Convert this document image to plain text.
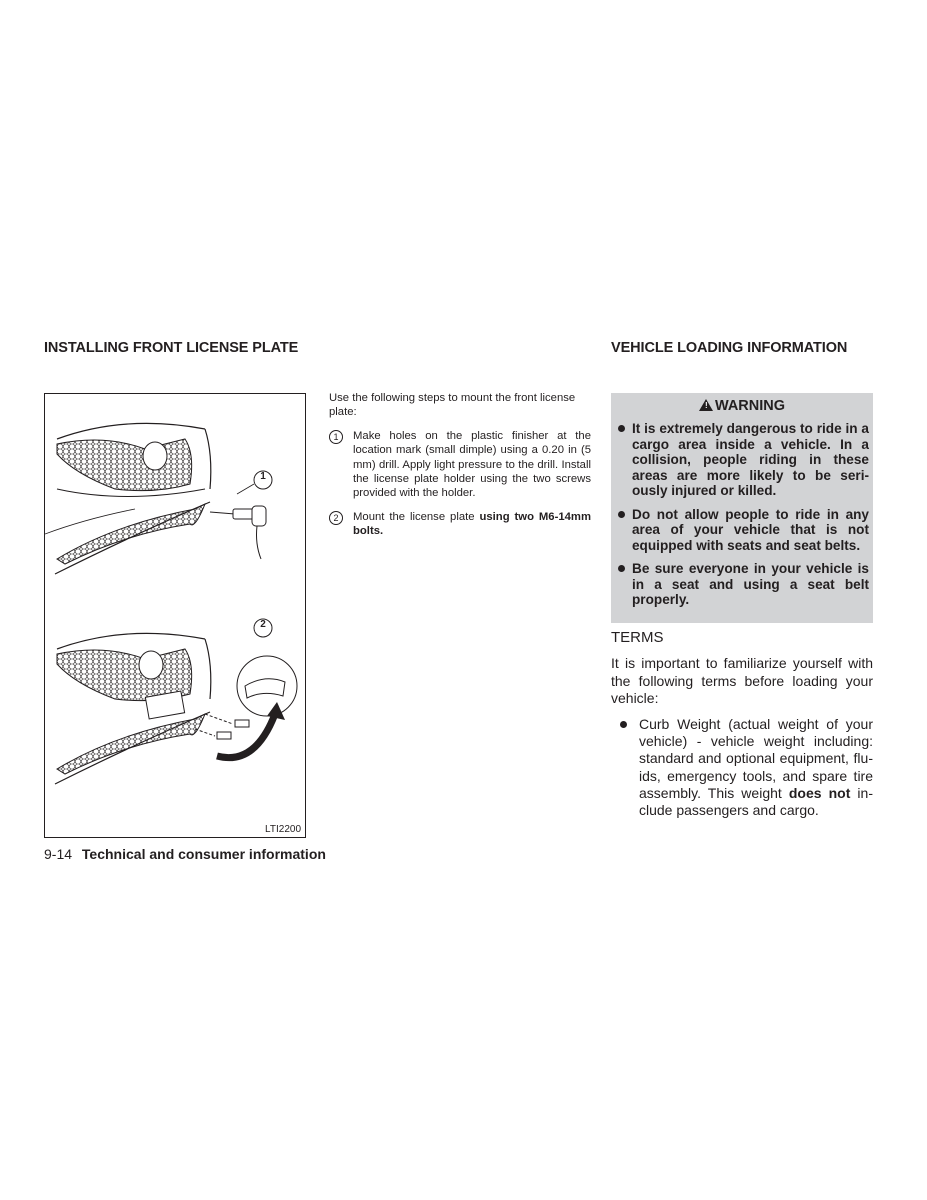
INSTALLING FRONT LICENSE PLATE	VEHICLE LOADING INFORMATION
1
2
LTI2200

Use the following steps to mount the front license plate:

1	Make holes on the plastic finisher at the location mark (small dimple) using a 0.20 in (5 mm) drill. Apply light pressure to the drill. Install the license plate holder using the two screws provided with the holder.
2	Mount the license plate using two M6-14mm bolts.
! WARNING
It is extremely dangerous to ride in a cargo area inside a vehicle. In a collision, people riding in these areas are more likely to be seri-ously injured or killed.
Do not allow people to ride in any area of your vehicle that is not equipped with seats and seat belts.
Be sure everyone in your vehicle is in a seat and using a seat belt properly.
TERMS

It is important to familiarize yourself with the following terms before loading your vehicle:

Curb Weight (actual weight of your vehicle) - vehicle weight including: standard and optional equipment, flu-ids, emergency tools, and spare tire assembly. This weight does not in-clude passengers and cargo.

9-14 Technical and consumer information
